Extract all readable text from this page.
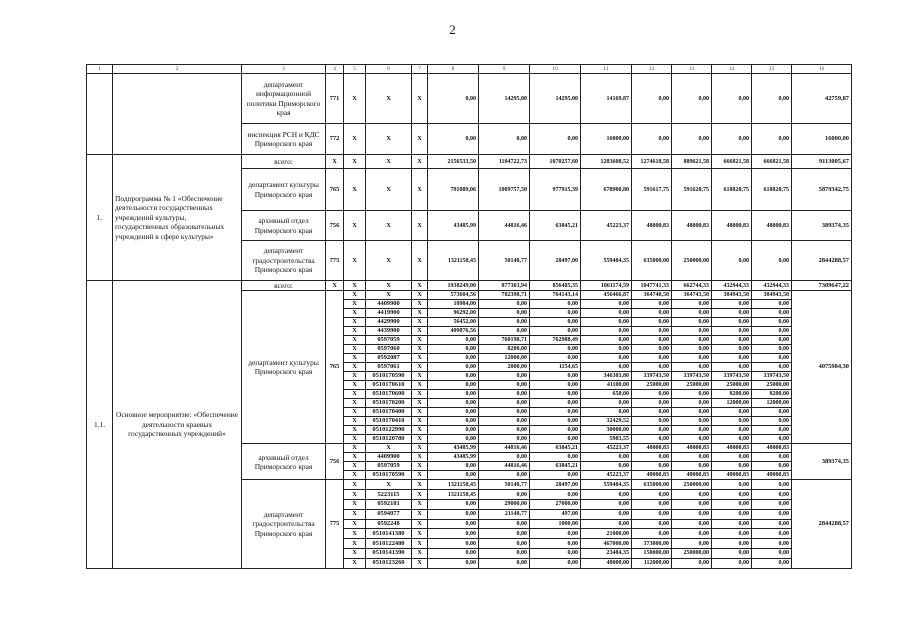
2
1	2	3	4	5	6	7	8	9	10	11	12	13	14	15	16
		департамент информационной политики Приморского края	771	X	X	X	0,00	14295,00	14295,00	14169,87	0,00	0,00	0,00	0,00	42759,87
		инспекция РСН и КДС Приморского края	772	X	X	X	0,00	0,00	0,00	16000,00	0,00	0,00	0,00	0,00	16000,00
1.	Подпрограмма № 1 «Обеспечение деятельности государственных учреждений культуры, государственных образовательных учреждений в сфере культуры»	всего:	X	X	X	X	2156533,50	1104722,73	1070257,60	1283608,52	1274618,58	889621,58	666821,58	666821,58	9113005,67
		департамент культуры Приморского края	765	X	X	X	791889,06	1009757,50	977915,39	678900,80	591617,75	591620,75	618820,75	618820,75	5879342,75
		архивный отдел Приморского края	756	X	X	X	43485,99	44816,46	63845,21	45223,37	48000,83	48000,83	48000,83	48000,83	389374,35
		департамент градостроительства Приморского края	775	X	X	X	1321158,45	50148,77	28497,00	559484,35	635000,00	250000,00	0,00	0,00	2844288,57
1.1.	Основное мероприятие: «Обеспечение деятельности краевых государственных учреждений»	всего:	X	X	X	X	1938249,00	877363,94	856485,35	1061174,59	1047741,33	662744,33	432944,33	432944,33	7309647,22
		департамент культуры Приморского края	765	X	X	X	573604,56	782398,71	764143,14	456466,87	364740,50	364743,50	384943,50	384943,50	4075984,30
				X	4409900	X	10984,00	0,00	0,00	0,00	0,00	0,00	0,00	0,00	
				X	4419900	X	96292,00	0,00	0,00	0,00	0,00	0,00	0,00	0,00	
				X	4429900	X	56452,00	0,00	0,00	0,00	0,00	0,00	0,00	0,00	
				X	4439900	X	409876,56	0,00	0,00	0,00	0,00	0,00	0,00	0,00	
				X	0597059	X	0,00	760198,71	762988,49	0,00	0,00	0,00	0,00	0,00	
				X	0597060	X	0,00	8200,00	0,00	0,00	0,00	0,00	0,00	0,00	
				X	0592087	X	0,00	12000,00	0,00	0,00	0,00	0,00	0,00	0,00	
				X	0597061	X	0,00	2000,00	1154,65	0,00	0,00	0,00	0,00	0,00	
				X	0510170590	X	0,00	0,00	0,00	346303,80	339743,50	339743,50	339743,50	339743,50	
				X	0510170610	X	0,00	0,00	0,00	41100,00	25000,00	25000,00	25000,00	25000,00	
				X	0510170600	X	0,00	0,00	0,00	650,00	0,00	0,00	8200,00	8200,00	
				X	0510170200	X	0,00	0,00	0,00	0,00	0,00	0,00	12000,00	12000,00	
				X	0510170400	X	0,00	0,00	0,00	0,00	0,00	0,00	0,00	0,00	
				X	0510170410	X	0,00	0,00	0,00	32429,52	0,00	0,00	0,00	0,00	
				X	0510122990	X	0,00	0,00	0,00	30000,00	0,00	0,00	0,00	0,00	
				X	0510120780	X	0,00	0,00	0,00	5983,55	0,00	0,00	0,00	0,00	
		архивный отдел Приморского края	756	X	X	X	43485,99	44816,46	63845,21	45223,37	48000,83	48000,83	48000,83	48000,83	389374,35
				X	4409900	X	43485,99	0,00	0,00	0,00	0,00	0,00	0,00	0,00	
				X	0597059	X	0,00	44816,46	63845,21	0,00	0,00	0,00	0,00	0,00	
				X	0510170590	X	0,00	0,00	0,00	45223,37	48000,83	48000,83	48000,83	48000,83	
		департамент градостроительства Приморского края	775	X	X	X	1321158,45	50148,77	28497,00	559484,35	635000,00	250000,00	0,00	0,00	2844288,57
				X	5223115	X	1321158,45	0,00	0,00	0,00	0,00	0,00	0,00	0,00	
				X	0592181	X	0,00	29000,00	27000,00	0,00	0,00	0,00	0,00	0,00	
				X	0594077	X	0,00	21148,77	497,00	0,00	0,00	0,00	0,00	0,00	
				X	0592248	X	0,00	0,00	1000,00	0,00	0,00	0,00	0,00	0,00	
				X	0510141380	X	0,00	0,00	0,00	21000,00	0,00	0,00	0,00	0,00	
				X	0510122480	X	0,00	0,00	0,00	467000,00	373000,00	0,00	0,00	0,00	
				X	0510141390	X	0,00	0,00	0,00	23484,35	150000,00	250000,00	0,00	0,00	
				X	0510123260	X	0,00	0,00	0,00	48000,00	112000,00	0,00	0,00	0,00	
